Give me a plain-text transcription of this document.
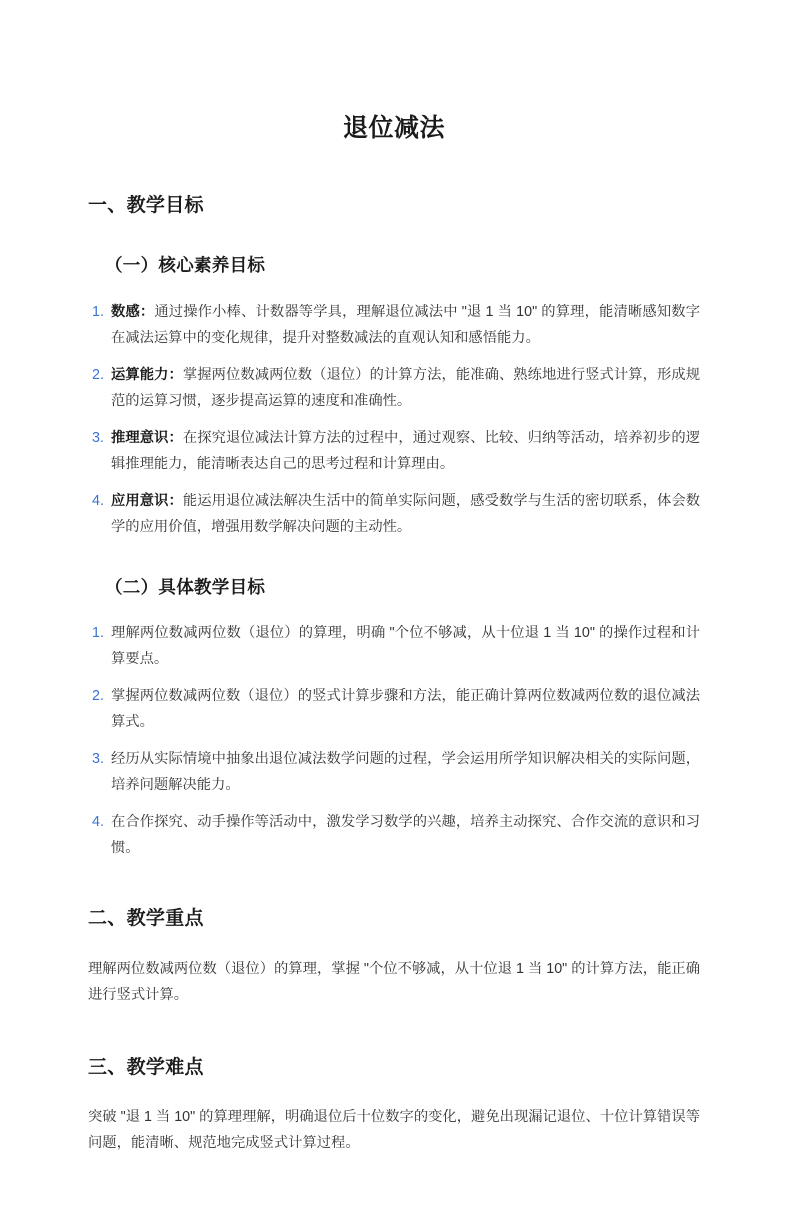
退位减法
一、教学目标
（一）核心素养目标
数感：通过操作小棒、计数器等学具，理解退位减法中 "退 1 当 10" 的算理，能清晰感知数字在减法运算中的变化规律，提升对整数减法的直观认知和感悟能力。
运算能力：掌握两位数减两位数（退位）的计算方法，能准确、熟练地进行竖式计算，形成规范的运算习惯，逐步提高运算的速度和准确性。
推理意识：在探究退位减法计算方法的过程中，通过观察、比较、归纳等活动，培养初步的逻辑推理能力，能清晰表达自己的思考过程和计算理由。
应用意识：能运用退位减法解决生活中的简单实际问题，感受数学与生活的密切联系，体会数学的应用价值，增强用数学解决问题的主动性。
（二）具体教学目标
理解两位数减两位数（退位）的算理，明确 "个位不够减，从十位退 1 当 10" 的操作过程和计算要点。
掌握两位数减两位数（退位）的竖式计算步骤和方法，能正确计算两位数减两位数的退位减法算式。
经历从实际情境中抽象出退位减法数学问题的过程，学会运用所学知识解决相关的实际问题，培养问题解决能力。
在合作探究、动手操作等活动中，激发学习数学的兴趣，培养主动探究、合作交流的意识和习惯。
二、教学重点

理解两位数减两位数（退位）的算理，掌握 "个位不够减，从十位退 1 当 10" 的计算方法，能正确进行竖式计算。

三、教学难点

突破 "退 1 当 10" 的算理理解，明确退位后十位数字的变化，避免出现漏记退位、十位计算错误等问题，能清晰、规范地完成竖式计算过程。
